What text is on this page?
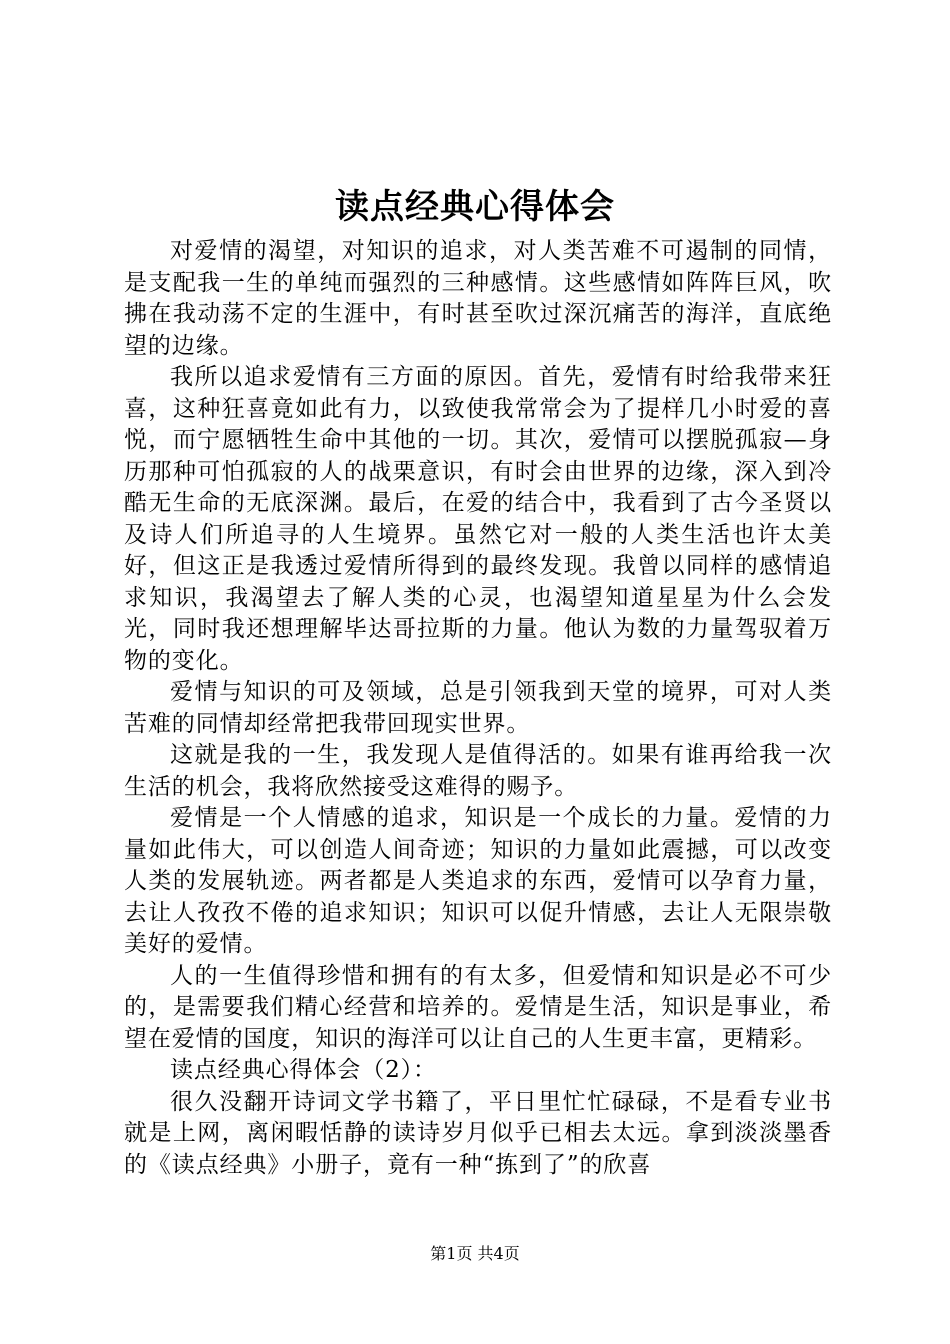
读点经典心得体会

对爱情的渴望，对知识的追求，对人类苦难不可遏制的同情，是支配我一生的单纯而强烈的三种感情。这些感情如阵阵巨风，吹拂在我动荡不定的生涯中，有时甚至吹过深沉痛苦的海洋，直底绝望的边缘。

我所以追求爱情有三方面的原因。首先，爱情有时给我带来狂喜，这种狂喜竟如此有力，以致使我常常会为了提样几小时爱的喜悦，而宁愿牺牲生命中其他的一切。其次，爱情可以摆脱孤寂—身历那种可怕孤寂的人的战栗意识，有时会由世界的边缘，深入到冷酷无生命的无底深渊。最后，在爱的结合中，我看到了古今圣贤以及诗人们所追寻的人生境界。虽然它对一般的人类生活也许太美好，但这正是我透过爱情所得到的最终发现。我曾以同样的感情追求知识，我渴望去了解人类的心灵，也渴望知道星星为什么会发光，同时我还想理解毕达哥拉斯的力量。他认为数的力量驾驭着万物的变化。

爱情与知识的可及领域，总是引领我到天堂的境界，可对人类苦难的同情却经常把我带回现实世界。

这就是我的一生，我发现人是值得活的。如果有谁再给我一次生活的机会，我将欣然接受这难得的赐予。

爱情是一个人情感的追求，知识是一个成长的力量。爱情的力量如此伟大，可以创造人间奇迹；知识的力量如此震撼，可以改变人类的发展轨迹。两者都是人类追求的东西，爱情可以孕育力量，去让人孜孜不倦的追求知识；知识可以促升情感，去让人无限崇敬美好的爱情。

人的一生值得珍惜和拥有的有太多，但爱情和知识是必不可少的，是需要我们精心经营和培养的。爱情是生活，知识是事业，希望在爱情的国度，知识的海洋可以让自己的人生更丰富，更精彩。

读点经典心得体会（2）：

很久没翻开诗词文学书籍了，平日里忙忙碌碌，不是看专业书就是上网，离闲暇恬静的读诗岁月似乎已相去太远。拿到淡淡墨香的《读点经典》小册子，竟有一种“拣到了”的欣喜

第1页 共4页
